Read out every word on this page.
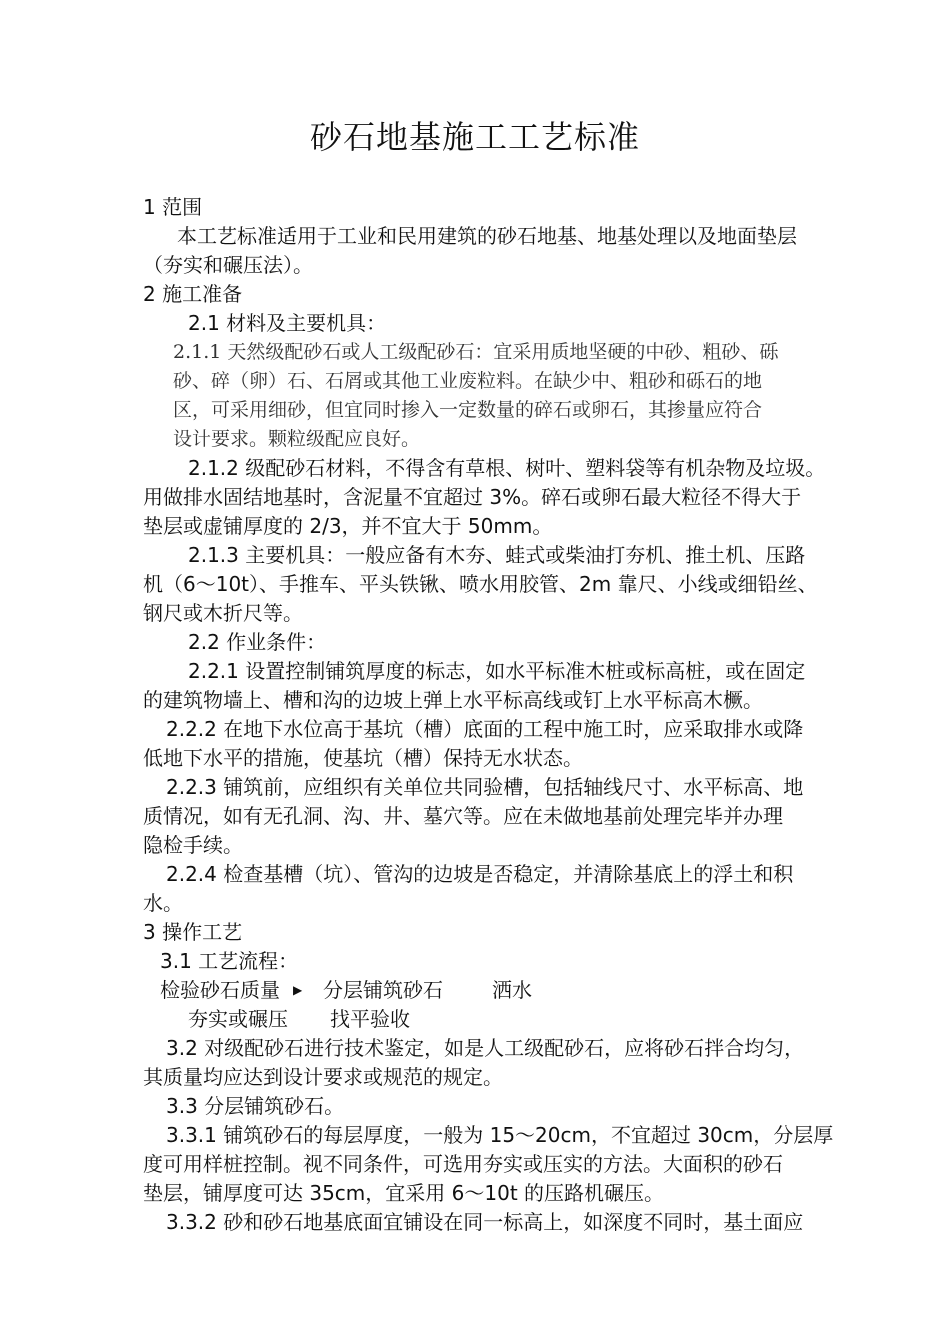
砂石地基施工工艺标准
1 范围
本工艺标准适用于工业和民用建筑的砂石地基、地基处理以及地面垫层
（夯实和碾压法）。
2 施工准备
2.1 材料及主要机具：
2.1.1 天然级配砂石或人工级配砂石：宜采用质地坚硬的中砂、粗砂、砾
砂、碎（卵）石、石屑或其他工业废粒料。在缺少中、粗砂和砾石的地
区，可采用细砂，但宜同时掺入一定数量的碎石或卵石，其掺量应符合
设计要求。颗粒级配应良好。
2.1.2 级配砂石材料，不得含有草根、树叶、塑料袋等有机杂物及垃圾。
用做排水固结地基时，含泥量不宜超过 3%。碎石或卵石最大粒径不得大于
垫层或虚铺厚度的 2/3，并不宜大于 50mm。
2.1.3 主要机具：一般应备有木夯、蛙式或柴油打夯机、推土机、压路
机（6～10t）、手推车、平头铁锹、喷水用胶管、2m 靠尺、小线或细铅丝、
钢尺或木折尺等。
2.2 作业条件：
2.2.1 设置控制铺筑厚度的标志，如水平标准木桩或标高桩，或在固定
的建筑物墙上、槽和沟的边坡上弹上水平标高线或钉上水平标高木橛。
2.2.2 在地下水位高于基坑（槽）底面的工程中施工时，应采取排水或降
低地下水平的措施，使基坑（槽）保持无水状态。
2.2.3 铺筑前，应组织有关单位共同验槽，包括轴线尺寸、水平标高、地
质情况，如有无孔洞、沟、井、墓穴等。应在未做地基前处理完毕并办理
隐检手续。
2.2.4 检查基槽（坑）、管沟的边坡是否稳定，并清除基底上的浮土和积
水。
3 操作工艺
3.1 工艺流程：
检验砂石质量 ▶ 分层铺筑砂石 洒水
夯实或碾压 找平验收
3.2 对级配砂石进行技术鉴定，如是人工级配砂石，应将砂石拌合均匀，
其质量均应达到设计要求或规范的规定。
3.3 分层铺筑砂石。
3.3.1 铺筑砂石的每层厚度，一般为 15～20cm，不宜超过 30cm，分层厚
度可用样桩控制。视不同条件，可选用夯实或压实的方法。大面积的砂石
垫层，铺厚度可达 35cm，宜采用 6～10t 的压路机碾压。
3.3.2 砂和砂石地基底面宜铺设在同一标高上，如深度不同时，基土面应
